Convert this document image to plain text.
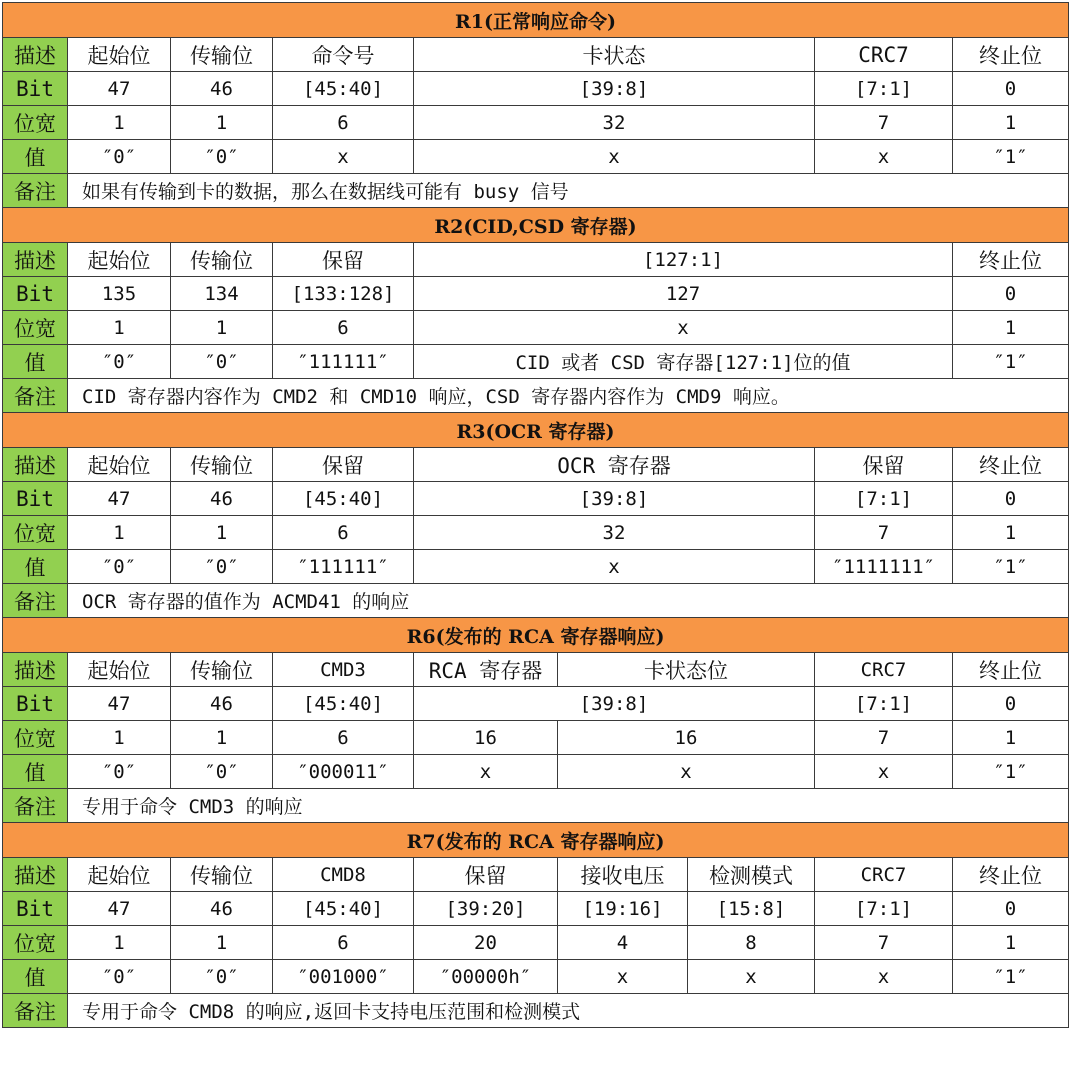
R1(正常响应命令)								
描述	起始位	传输位	命令号	卡状态			CRC7	终止位
Bit	47	46	[45:40]	[39:8]			[7:1]	0
位宽	1	1	6	32			7	1
值	″0″	″0″	x	x			x	″1″
备注	如果有传输到卡的数据，那么在数据线可能有 busy 信号							
R2(CID,CSD 寄存器)								
描述	起始位	传输位	保留	[127:1]				终止位
Bit	135	134	[133:128]	127				0
位宽	1	1	6	x				1
值	″0″	″0″	″111111″	CID 或者 CSD 寄存器[127:1]位的值				″1″
备注	CID 寄存器内容作为 CMD2 和 CMD10 响应，CSD 寄存器内容作为 CMD9 响应。							
R3(OCR 寄存器)								
描述	起始位	传输位	保留	OCR 寄存器			保留	终止位
Bit	47	46	[45:40]	[39:8]			[7:1]	0
位宽	1	1	6	32			7	1
值	″0″	″0″	″111111″	x			″1111111″	″1″
备注	OCR 寄存器的值作为 ACMD41 的响应							
R6(发布的 RCA 寄存器响应)								
描述	起始位	传输位	CMD3	RCA 寄存器	卡状态位		CRC7	终止位
Bit	47	46	[45:40]	[39:8]			[7:1]	0
位宽	1	1	6	16	16		7	1
值	″0″	″0″	″000011″	x	x		x	″1″
备注	专用于命令 CMD3 的响应							
R7(发布的 RCA 寄存器响应)								
描述	起始位	传输位	CMD8	保留	接收电压	检测模式	CRC7	终止位
Bit	47	46	[45:40]	[39:20]	[19:16]	[15:8]	[7:1]	0
位宽	1	1	6	20	4	8	7	1
值	″0″	″0″	″001000″	″00000h″	x	x	x	″1″
备注	专用于命令 CMD8 的响应,返回卡支持电压范围和检测模式							
